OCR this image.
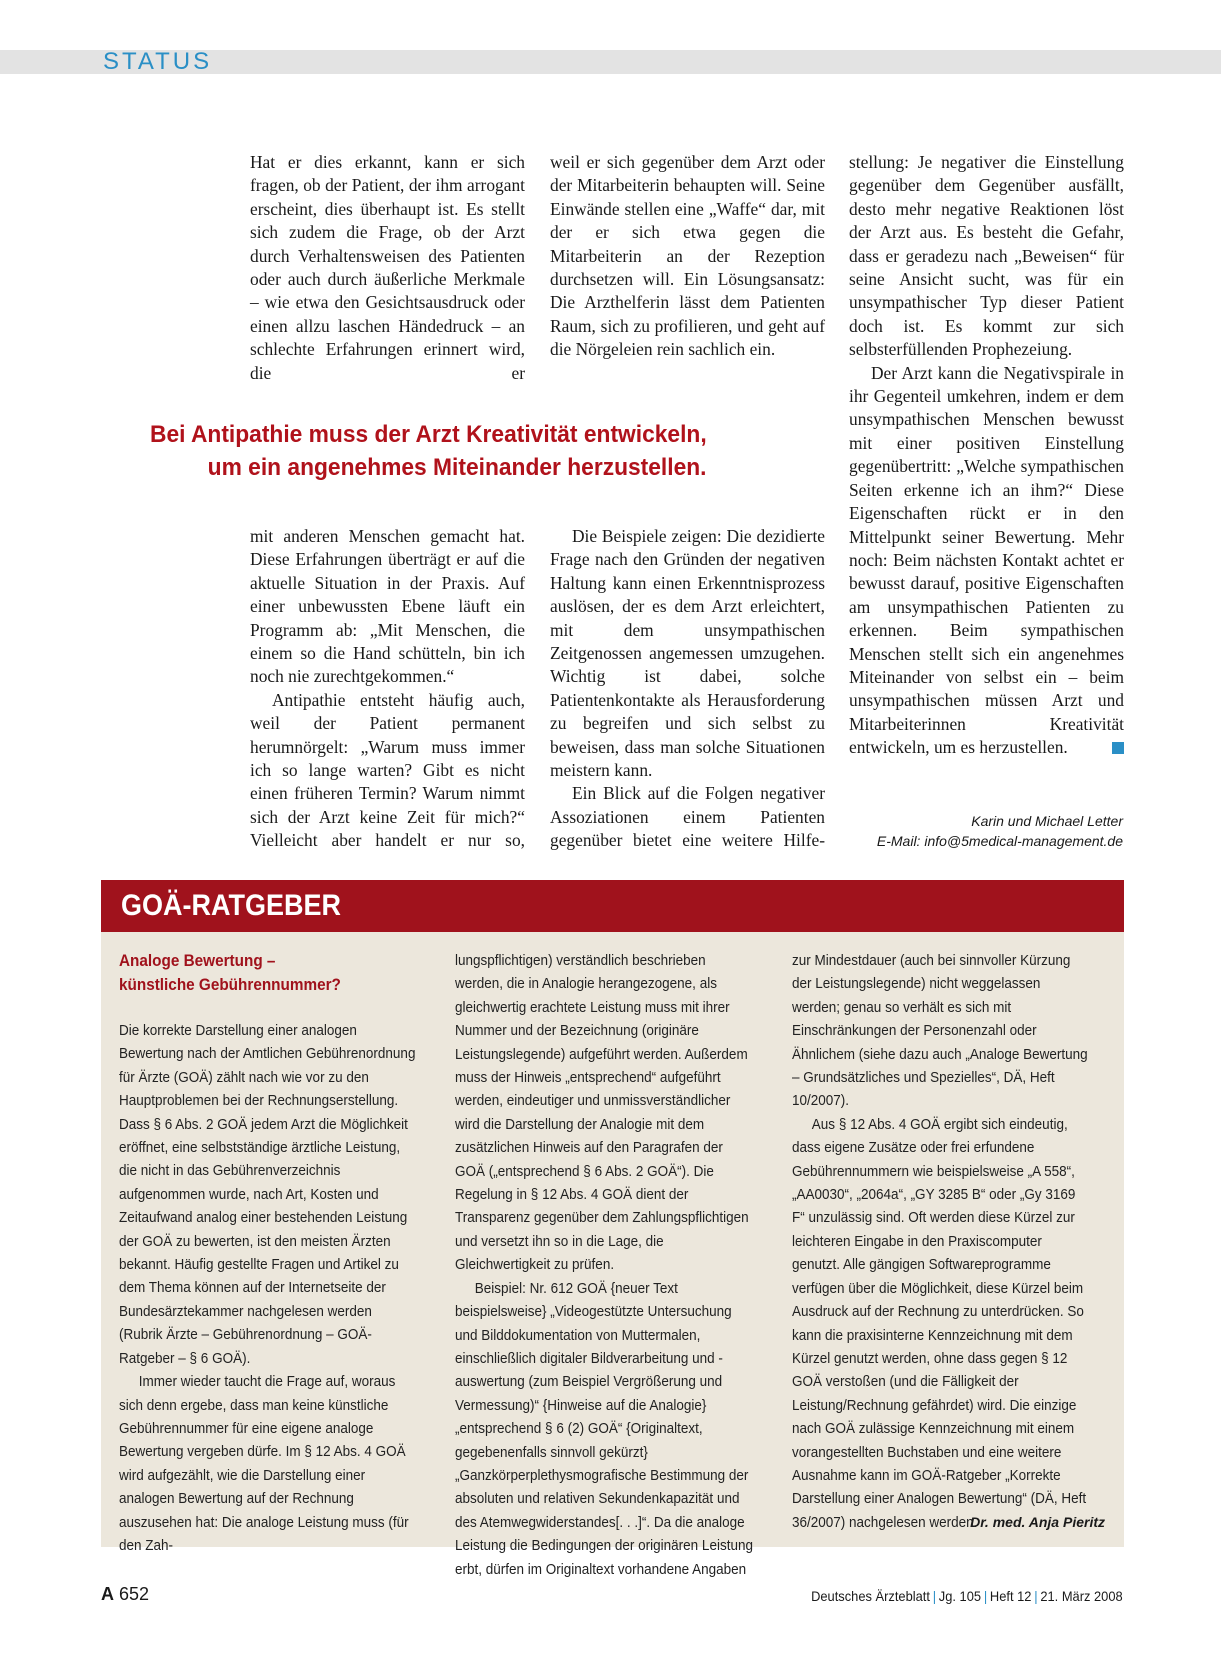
STATUS

Hat er dies erkannt, kann er sich fragen, ob der Patient, der ihm arrogant erscheint, dies überhaupt ist. Es stellt sich zudem die Frage, ob der Arzt durch Verhaltensweisen des Patienten oder auch durch äußerliche Merkmale – wie etwa den Gesichtsausdruck oder einen allzu laschen Händedruck – an schlechte Erfahrungen erinnert wird, die er

weil er sich gegenüber dem Arzt oder der Mitarbeiterin behaupten will. Seine Einwände stellen eine „Waffe“ dar, mit der er sich etwa gegen die Mitarbeiterin an der Rezeption durchsetzen will. Ein Lösungsansatz: Die Arzthelferin lässt dem Patienten Raum, sich zu profilieren, und geht auf die Nörgeleien rein sachlich ein.

stellung: Je negativer die Einstellung gegenüber dem Gegenüber ausfällt, desto mehr negative Reaktionen löst der Arzt aus. Es besteht die Gefahr, dass er geradezu nach „Beweisen“ für seine Ansicht sucht, was für ein unsympathischer Typ dieser Patient doch ist. Es kommt zur sich selbsterfüllenden Prophezeiung.

Der Arzt kann die Negativspirale in ihr Gegenteil umkehren, indem er dem unsympathischen Menschen bewusst mit einer positiven Einstellung gegenübertritt: „Welche sympathischen Seiten erkenne ich an ihm?“ Diese Eigenschaften rückt er in den Mittelpunkt seiner Bewertung. Mehr noch: Beim nächsten Kontakt achtet er bewusst darauf, positive Eigenschaften am unsympathischen Patienten zu erkennen. Beim sympathischen Menschen stellt sich ein angenehmes Miteinander von selbst ein – beim unsympathischen müssen Arzt und Mitarbeiterinnen Kreativität entwickeln, um es herzustellen.

Bei Antipathie muss der Arzt Kreativität entwickeln,
um ein angenehmes Miteinander herzustellen.

mit anderen Menschen gemacht hat. Diese Erfahrungen überträgt er auf die aktuelle Situation in der Praxis. Auf einer unbewussten Ebene läuft ein Programm ab: „Mit Menschen, die einem so die Hand schütteln, bin ich noch nie zurechtgekommen.“

Antipathie entsteht häufig auch, weil der Patient permanent herumnörgelt: „Warum muss immer ich so lange warten? Gibt es nicht einen früheren Termin? Warum nimmt sich der Arzt keine Zeit für mich?“ Vielleicht aber handelt er nur so,

Die Beispiele zeigen: Die dezidierte Frage nach den Gründen der negativen Haltung kann einen Erkenntnisprozess auslösen, der es dem Arzt erleichtert, mit dem unsympathischen Zeitgenossen angemessen umzugehen. Wichtig ist dabei, solche Patientenkontakte als Herausforderung zu begreifen und sich selbst zu beweisen, dass man solche Situationen meistern kann.

Ein Blick auf die Folgen negativer Assoziationen einem Patienten gegenüber bietet eine weitere Hilfe-

Karin und Michael Letter
E-Mail: info@5medical-management.de
GOÄ-RATGEBER

Analoge Bewertung –

künstliche Gebührennummer?

Die korrekte Darstellung einer analogen Bewertung nach der Amtlichen Gebührenordnung für Ärzte (GOÄ) zählt nach wie vor zu den Hauptproblemen bei der Rechnungserstellung. Dass § 6 Abs. 2 GOÄ jedem Arzt die Möglichkeit eröffnet, eine selbstständige ärztliche Leistung, die nicht in das Gebührenverzeichnis aufgenommen wurde, nach Art, Kosten und Zeitaufwand analog einer bestehenden Leistung der GOÄ zu bewerten, ist den meisten Ärzten bekannt. Häufig gestellte Fragen und Artikel zu dem Thema können auf der Internetseite der Bundesärztekammer nachgelesen werden (Rubrik Ärzte – Gebührenordnung – GOÄ-Ratgeber – § 6 GOÄ).

Immer wieder taucht die Frage auf, woraus sich denn ergebe, dass man keine künstliche Gebührennummer für eine eigene analoge Bewertung vergeben dürfe. Im § 12 Abs. 4 GOÄ wird aufgezählt, wie die Darstellung einer analogen Bewertung auf der Rechnung auszusehen hat: Die analoge Leistung muss (für den Zah-

lungspflichtigen) verständlich beschrieben werden, die in Analogie herangezogene, als gleichwertig erachtete Leistung muss mit ihrer Nummer und der Bezeichnung (originäre Leistungslegende) aufgeführt werden. Außerdem muss der Hinweis „entsprechend“ aufgeführt werden, eindeutiger und unmissverständlicher wird die Darstellung der Analogie mit dem zusätzlichen Hinweis auf den Paragrafen der GOÄ („entsprechend § 6 Abs. 2 GOÄ“). Die Regelung in § 12 Abs. 4 GOÄ dient der Transparenz gegenüber dem Zahlungspflichtigen und versetzt ihn so in die Lage, die Gleichwertigkeit zu prüfen.

Beispiel: Nr. 612 GOÄ {neuer Text beispielsweise} „Videogestützte Untersuchung und Bilddokumentation von Muttermalen, einschließlich digitaler Bildverarbeitung und -auswertung (zum Beispiel Vergrößerung und Vermessung)“ {Hinweise auf die Analogie} „entsprechend § 6 (2) GOÄ“ {Originaltext, gegebenenfalls sinnvoll gekürzt} „Ganzkörperplethysmografische Bestimmung der absoluten und relativen Sekundenkapazität und des Atemwegwiderstandes[. . .]“. Da die analoge Leistung die Bedingungen der originären Leistung erbt, dürfen im Originaltext vorhandene Angaben

zur Mindestdauer (auch bei sinnvoller Kürzung der Leistungslegende) nicht weggelassen werden; genau so verhält es sich mit Einschränkungen der Personenzahl oder Ähnlichem (siehe dazu auch „Analoge Bewertung – Grundsätzliches und Spezielles“, DÄ, Heft 10/2007).

Aus § 12 Abs. 4 GOÄ ergibt sich eindeutig, dass eigene Zusätze oder frei erfundene Gebührennummern wie beispielsweise „A 558“, „AA0030“, „2064a“, „GY 3285 B“ oder „Gy 3169 F“ unzulässig sind. Oft werden diese Kürzel zur leichteren Eingabe in den Praxiscomputer genutzt. Alle gängigen Softwareprogramme verfügen über die Möglichkeit, diese Kürzel beim Ausdruck auf der Rechnung zu unterdrücken. So kann die praxisinterne Kennzeichnung mit dem Kürzel genutzt werden, ohne dass gegen § 12 GOÄ verstoßen (und die Fälligkeit der Leistung/Rechnung gefährdet) wird. Die einzige nach GOÄ zulässige Kennzeichnung mit einem vorangestellten Buchstaben und eine weitere Ausnahme kann im GOÄ-Ratgeber „Korrekte Darstellung einer Analogen Bewertung“ (DÄ, Heft 36/2007) nachgelesen werden.

Dr. med. Anja Pieritz
A 652	Deutsches Ärzteblatt | Jg. 105 | Heft 12 | 21. März 2008
